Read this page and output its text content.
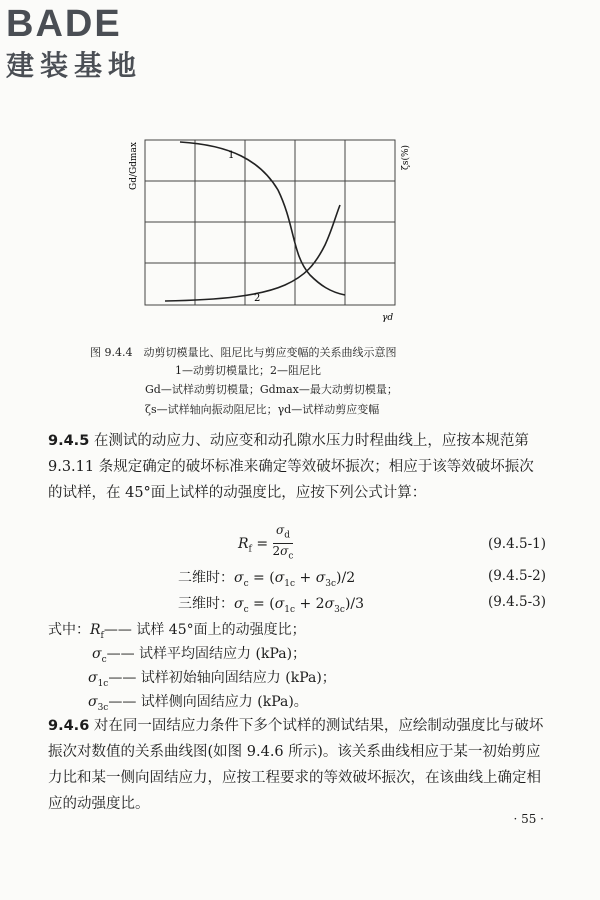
BADE
建装基地
1
2
Gd/Gdmax	ζs(%)
γd
图 9.4.4　动剪切模量比、阻尼比与剪应变幅的关系曲线示意图
1—动剪切模量比；2—阻尼比
Gd—试样动剪切模量；Gdmax—最大动剪切模量；
ζs—试样轴向振动阻尼比；γd—试样动剪应变幅
9.4.5 在测试的动应力、动应变和动孔隙水压力时程曲线上，应按本规范第 9.3.11 条规定确定的破坏标准来确定等效破坏振次；相应于该等效破坏振次的试样，在 45°面上试样的动强度比，应按下列公式计算：
$R_f = \frac{\sigma_d}{2\sigma_c}$	(9.4.5-1)
二维时：$\sigma_c = (\sigma_{1c} + \sigma_{3c})/2$	(9.4.5-2)
三维时：$\sigma_c = (\sigma_{1c} + 2\sigma_{3c})/3$	(9.4.5-3)
式中：$R_f——$ 试样 45°面上的动强度比；
$\sigma_c——$ 试样平均固结应力 (kPa)；
$\sigma_{1c}——$ 试样初始轴向固结应力 (kPa)；
$\sigma_{3c}——$ 试样侧向固结应力 (kPa)。
9.4.6 对在同一固结应力条件下多个试样的测试结果，应绘制动强度比与破坏振次对数值的关系曲线图(如图 9.4.6 所示)。该关系曲线相应于某一初始剪应力比和某一侧向固结应力，应按工程要求的等效破坏振次，在该曲线上确定相应的动强度比。
· 55 ·
